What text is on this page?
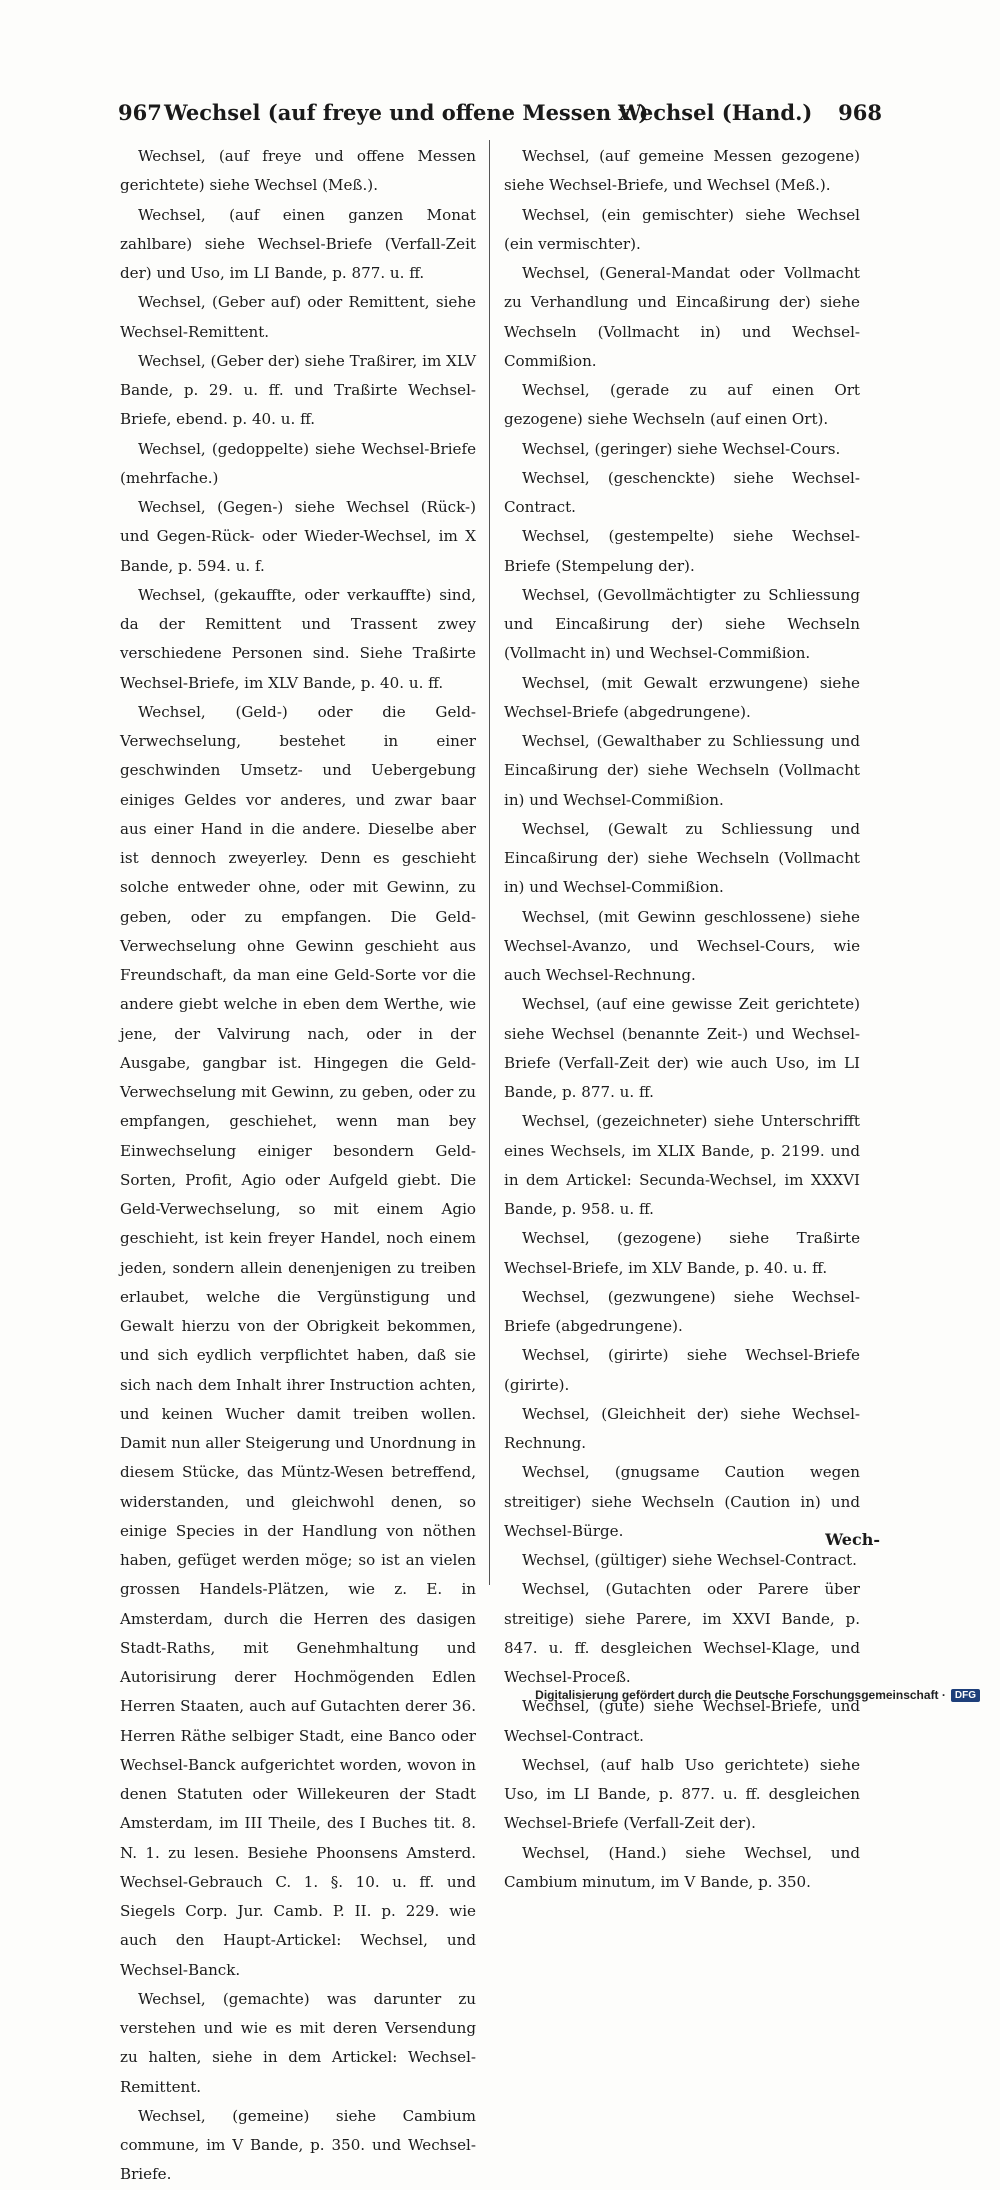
967 Wechsel (auf freye und offene Messen x.)
Wechsel (Hand.) 968

Wechsel, (auf freye und offene Messen gerichtete) siehe Wechsel (Meß.).

Wechsel, (auf einen ganzen Monat zahlbare) siehe Wechsel-Briefe (Verfall-Zeit der) und Uso, im LI Bande, p. 877. u. ff.

Wechsel, (Geber auf) oder Remittent, siehe Wechsel-Remittent.

Wechsel, (Geber der) siehe Traßirer, im XLV Bande, p. 29. u. ff. und Traßirte Wechsel-Briefe, ebend. p. 40. u. ff.

Wechsel, (gedoppelte) siehe Wechsel-Briefe (mehrfache.)

Wechsel, (Gegen-) siehe Wechsel (Rück-) und Gegen-Rück- oder Wieder-Wechsel, im X Bande, p. 594. u. f.

Wechsel, (gekauffte, oder verkauffte) sind, da der Remittent und Trassent zwey verschiedene Personen sind. Siehe Traßirte Wechsel-Briefe, im XLV Bande, p. 40. u. ff.

Wechsel, (Geld-) oder die Geld-Verwechselung, bestehet in einer geschwinden Umsetz- und Uebergebung einiges Geldes vor anderes, und zwar baar aus einer Hand in die andere. Dieselbe aber ist dennoch zweyerley. Denn es geschieht solche entweder ohne, oder mit Gewinn, zu geben, oder zu empfangen. Die Geld-Verwechselung ohne Gewinn geschieht aus Freundschaft, da man eine Geld-Sorte vor die andere giebt welche in eben dem Werthe, wie jene, der Valvirung nach, oder in der Ausgabe, gangbar ist. Hingegen die Geld-Verwechselung mit Gewinn, zu geben, oder zu empfangen, geschiehet, wenn man bey Einwechselung einiger besondern Geld-Sorten, Profit, Agio oder Aufgeld giebt. Die Geld-Verwechselung, so mit einem Agio geschieht, ist kein freyer Handel, noch einem jeden, sondern allein denenjenigen zu treiben erlaubet, welche die Vergünstigung und Gewalt hierzu von der Obrigkeit bekommen, und sich eydlich verpflichtet haben, daß sie sich nach dem Inhalt ihrer Instruction achten, und keinen Wucher damit treiben wollen. Damit nun aller Steigerung und Unordnung in diesem Stücke, das Müntz-Wesen betreffend, widerstanden, und gleichwohl denen, so einige Species in der Handlung von nöthen haben, gefüget werden möge; so ist an vielen grossen Handels-Plätzen, wie z. E. in Amsterdam, durch die Herren des dasigen Stadt-Raths, mit Genehmhaltung und Autorisirung derer Hochmögenden Edlen Herren Staaten, auch auf Gutachten derer 36. Herren Räthe selbiger Stadt, eine Banco oder Wechsel-Banck aufgerichtet worden, wovon in denen Statuten oder Willekeuren der Stadt Amsterdam, im III Theile, des I Buches tit. 8. N. 1. zu lesen. Besiehe Phoonsens Amsterd. Wechsel-Gebrauch C. 1. §. 10. u. ff. und Siegels Corp. Jur. Camb. P. II. p. 229. wie auch den Haupt-Artickel: Wechsel, und Wechsel-Banck.

Wechsel, (gemachte) was darunter zu verstehen und wie es mit deren Versendung zu halten, siehe in dem Artickel: Wechsel-Remittent.

Wechsel, (gemeine) siehe Cambium commune, im V Bande, p. 350. und Wechsel-Briefe.

Wechsel, (auf gemeine Messen gezogene) siehe Wechsel-Briefe, und Wechsel (Meß.).

Wechsel, (ein gemischter) siehe Wechsel (ein vermischter).

Wechsel, (General-Mandat oder Vollmacht zu Verhandlung und Eincaßirung der) siehe Wechseln (Vollmacht in) und Wechsel-Commißion.

Wechsel, (gerade zu auf einen Ort gezogene) siehe Wechseln (auf einen Ort).

Wechsel, (geringer) siehe Wechsel-Cours.

Wechsel, (geschenckte) siehe Wechsel-Contract.

Wechsel, (gestempelte) siehe Wechsel-Briefe (Stempelung der).

Wechsel, (Gevollmächtigter zu Schliessung und Eincaßirung der) siehe Wechseln (Vollmacht in) und Wechsel-Commißion.

Wechsel, (mit Gewalt erzwungene) siehe Wechsel-Briefe (abgedrungene).

Wechsel, (Gewalthaber zu Schliessung und Eincaßirung der) siehe Wechseln (Vollmacht in) und Wechsel-Commißion.

Wechsel, (Gewalt zu Schliessung und Eincaßirung der) siehe Wechseln (Vollmacht in) und Wechsel-Commißion.

Wechsel, (mit Gewinn geschlossene) siehe Wechsel-Avanzo, und Wechsel-Cours, wie auch Wechsel-Rechnung.

Wechsel, (auf eine gewisse Zeit gerichtete) siehe Wechsel (benannte Zeit-) und Wechsel-Briefe (Verfall-Zeit der) wie auch Uso, im LI Bande, p. 877. u. ff.

Wechsel, (gezeichneter) siehe Unterschrifft eines Wechsels, im XLIX Bande, p. 2199. und in dem Artickel: Secunda-Wechsel, im XXXVI Bande, p. 958. u. ff.

Wechsel, (gezogene) siehe Traßirte Wechsel-Briefe, im XLV Bande, p. 40. u. ff.

Wechsel, (gezwungene) siehe Wechsel-Briefe (abgedrungene).

Wechsel, (girirte) siehe Wechsel-Briefe (girirte).

Wechsel, (Gleichheit der) siehe Wechsel-Rechnung.

Wechsel, (gnugsame Caution wegen streitiger) siehe Wechseln (Caution in) und Wechsel-Bürge.

Wechsel, (gültiger) siehe Wechsel-Contract.

Wechsel, (Gutachten oder Parere über streitige) siehe Parere, im XXVI Bande, p. 847. u. ff. desgleichen Wechsel-Klage, und Wechsel-Proceß.

Wechsel, (gute) siehe Wechsel-Briefe, und Wechsel-Contract.

Wechsel, (auf halb Uso gerichtete) siehe Uso, im LI Bande, p. 877. u. ff. desgleichen Wechsel-Briefe (Verfall-Zeit der).

Wechsel, (Hand.) siehe Wechsel, und Cambium minutum, im V Bande, p. 350.

Wech-
Digitalisierung gefördert durch die Deutsche Forschungsgemeinschaft · DFG
